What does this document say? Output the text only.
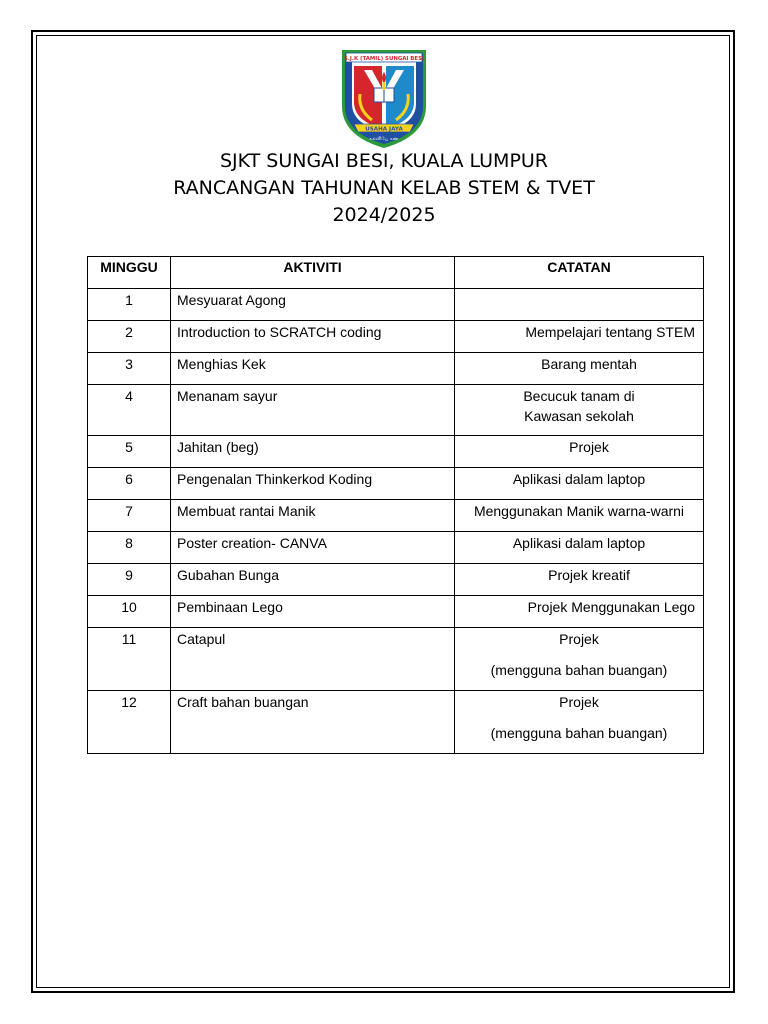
S.J.K (TAMIL) SUNGAI BESI
USAHA JAYA
கல்வியே கண்
SJKT SUNGAI BESI, KUALA LUMPUR
RANCANGAN TAHUNAN KELAB STEM & TVET
2024/2025
MINGGU	AKTIVITI	CATATAN
1	Mesyuarat Agong	
2	Introduction to SCRATCH coding	Mempelajari tentang STEM
3	Menghias Kek	Barang mentah
4	Menanam sayur	Becucuk tanam di
Kawasan sekolah

5	Jahitan (beg)	Projek
6	Pengenalan Thinkerkod Koding	Aplikasi dalam laptop
7	Membuat rantai Manik	Menggunakan Manik warna-warni
8	Poster creation- CANVA	Aplikasi dalam laptop
9	Gubahan Bunga	Projek kreatif
10	Pembinaan Lego	Projek Menggunakan Lego
11	Catapul	Projek
(mengguna bahan buangan)

12	Craft bahan buangan	Projek
(mengguna bahan buangan)
